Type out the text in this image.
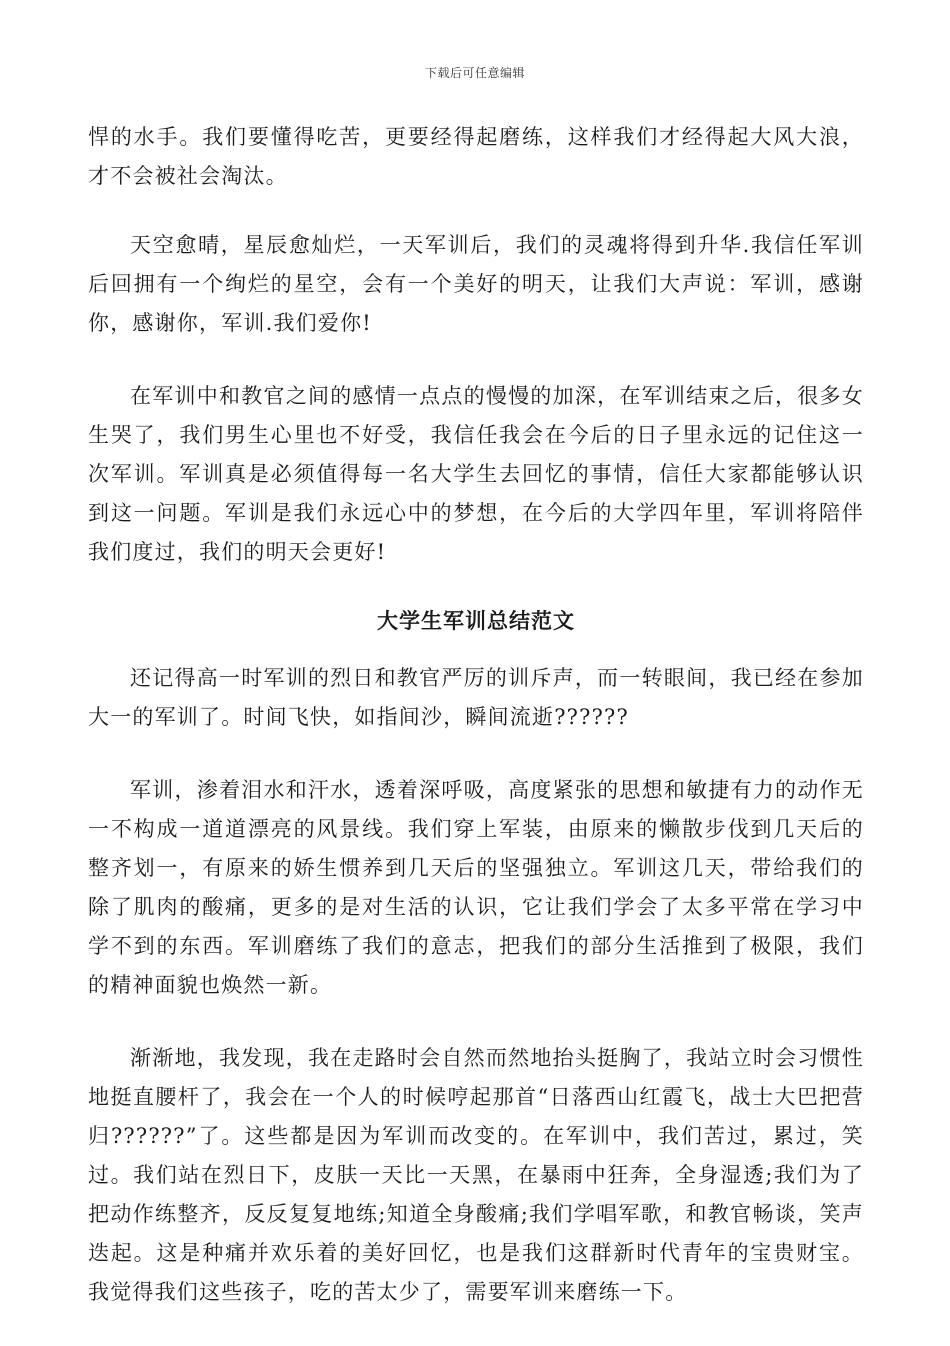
下载后可任意编辑

悍的水手。我们要懂得吃苦，更要经得起磨练，这样我们才经得起大风大浪，才不会被社会淘汰。

天空愈晴，星辰愈灿烂，一天军训后，我们的灵魂将得到升华.我信任军训后回拥有一个绚烂的星空，会有一个美好的明天，让我们大声说：军训，感谢你，感谢你，军训.我们爱你!

在军训中和教官之间的感情一点点的慢慢的加深，在军训结束之后，很多女生哭了，我们男生心里也不好受，我信任我会在今后的日子里永远的记住这一次军训。军训真是必须值得每一名大学生去回忆的事情，信任大家都能够认识到这一问题。军训是我们永远心中的梦想，在今后的大学四年里，军训将陪伴我们度过，我们的明天会更好!

大学生军训总结范文

还记得高一时军训的烈日和教官严厉的训斥声，而一转眼间，我已经在参加大一的军训了。时间飞快，如指间沙，瞬间流逝??????

军训，渗着泪水和汗水，透着深呼吸，高度紧张的思想和敏捷有力的动作无一不构成一道道漂亮的风景线。我们穿上军装，由原来的懒散步伐到几天后的整齐划一，有原来的娇生惯养到几天后的坚强独立。军训这几天，带给我们的除了肌肉的酸痛，更多的是对生活的认识，它让我们学会了太多平常在学习中学不到的东西。军训磨练了我们的意志，把我们的部分生活推到了极限，我们的精神面貌也焕然一新。

渐渐地，我发现，我在走路时会自然而然地抬头挺胸了，我站立时会习惯性地挺直腰杆了，我会在一个人的时候哼起那首“日落西山红霞飞，战士大巴把营归??????”了。这些都是因为军训而改变的。在军训中，我们苦过，累过，笑过。我们站在烈日下，皮肤一天比一天黑，在暴雨中狂奔，全身湿透;我们为了把动作练整齐，反反复复地练;知道全身酸痛;我们学唱军歌，和教官畅谈，笑声迭起。这是种痛并欢乐着的美好回忆，也是我们这群新时代青年的宝贵财宝。我觉得我们这些孩子，吃的苦太少了，需要军训来磨练一下。
